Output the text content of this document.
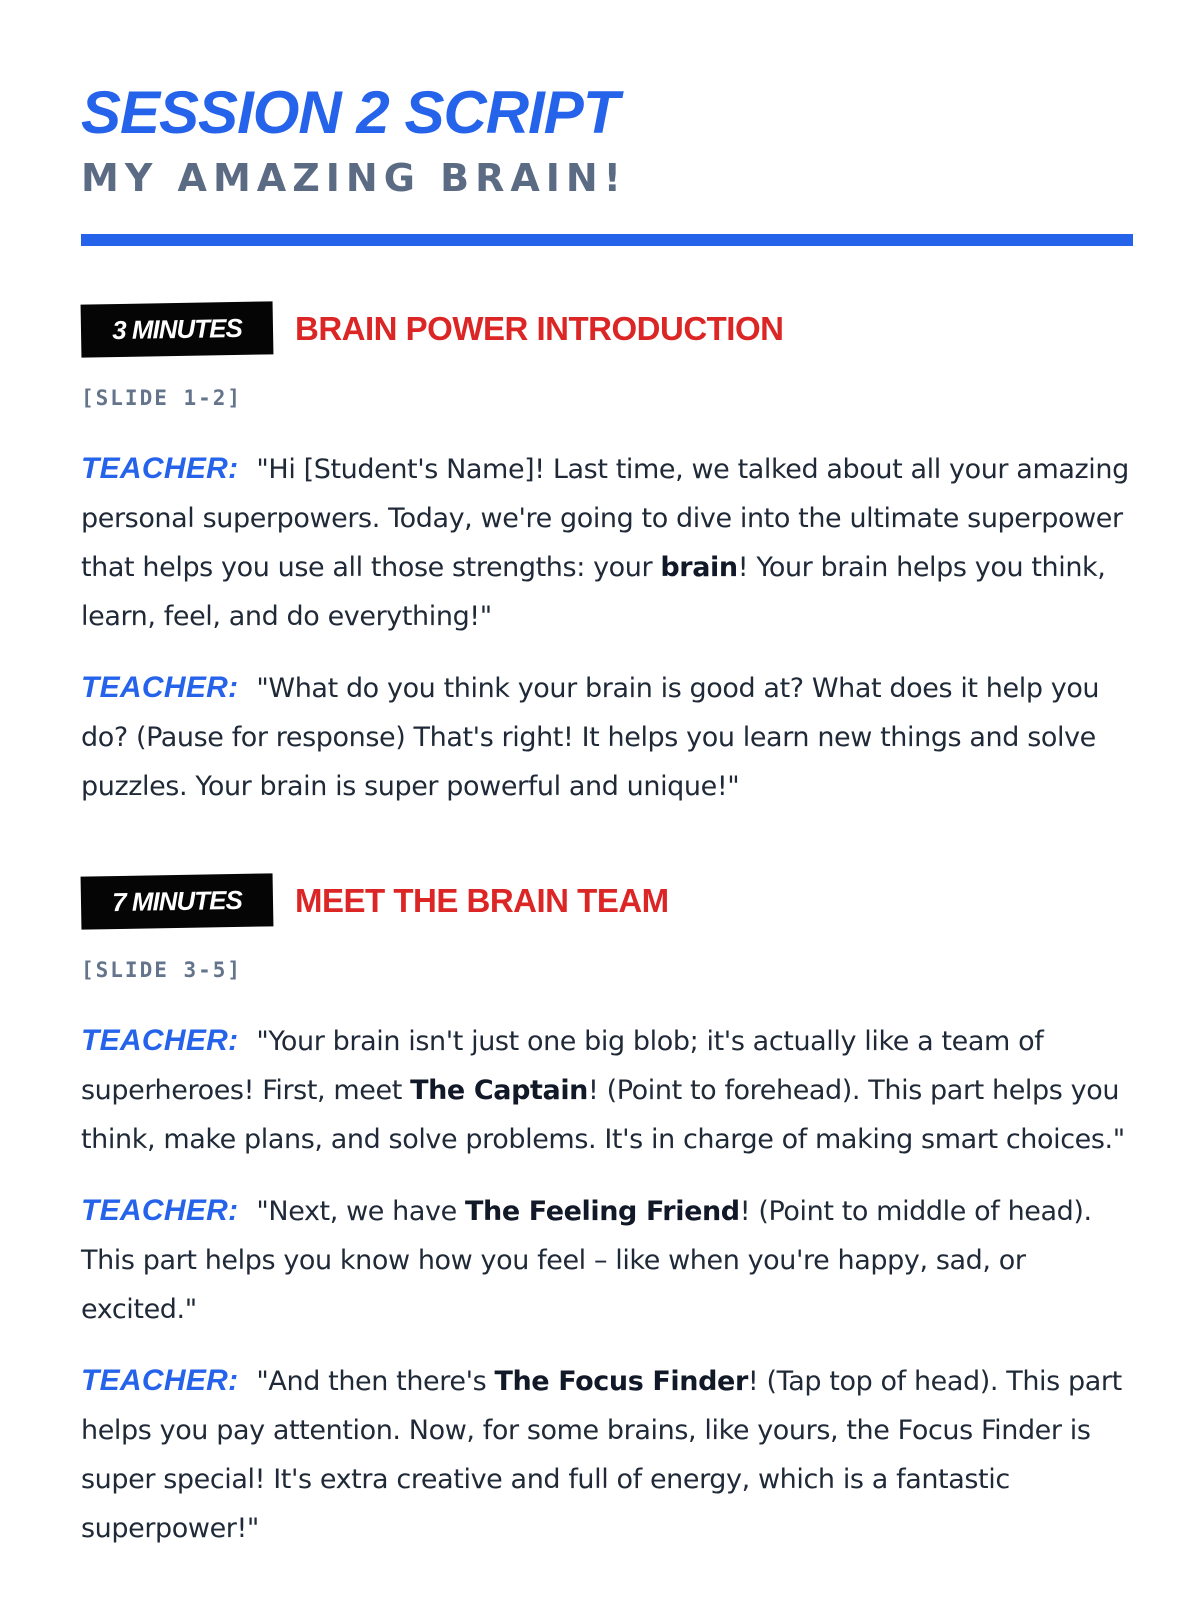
SESSION 2 SCRIPT
MY AMAZING BRAIN!
3 MINUTES	BRAIN POWER INTRODUCTION
[SLIDE 1-2]
TEACHER: "Hi [Student's Name]! Last time, we talked about all your amazing personal superpowers. Today, we're going to dive into the ultimate superpower that helps you use all those strengths: your brain! Your brain helps you think, learn, feel, and do everything!"
TEACHER: "What do you think your brain is good at? What does it help you do? (Pause for response) That's right! It helps you learn new things and solve puzzles. Your brain is super powerful and unique!"
7 MINUTES	MEET THE BRAIN TEAM
[SLIDE 3-5]
TEACHER: "Your brain isn't just one big blob; it's actually like a team of superheroes! First, meet The Captain! (Point to forehead). This part helps you think, make plans, and solve problems. It's in charge of making smart choices."
TEACHER: "Next, we have The Feeling Friend! (Point to middle of head). This part helps you know how you feel – like when you're happy, sad, or excited."
TEACHER: "And then there's The Focus Finder! (Tap top of head). This part helps you pay attention. Now, for some brains, like yours, the Focus Finder is super special! It's extra creative and full of energy, which is a fantastic superpower!"
